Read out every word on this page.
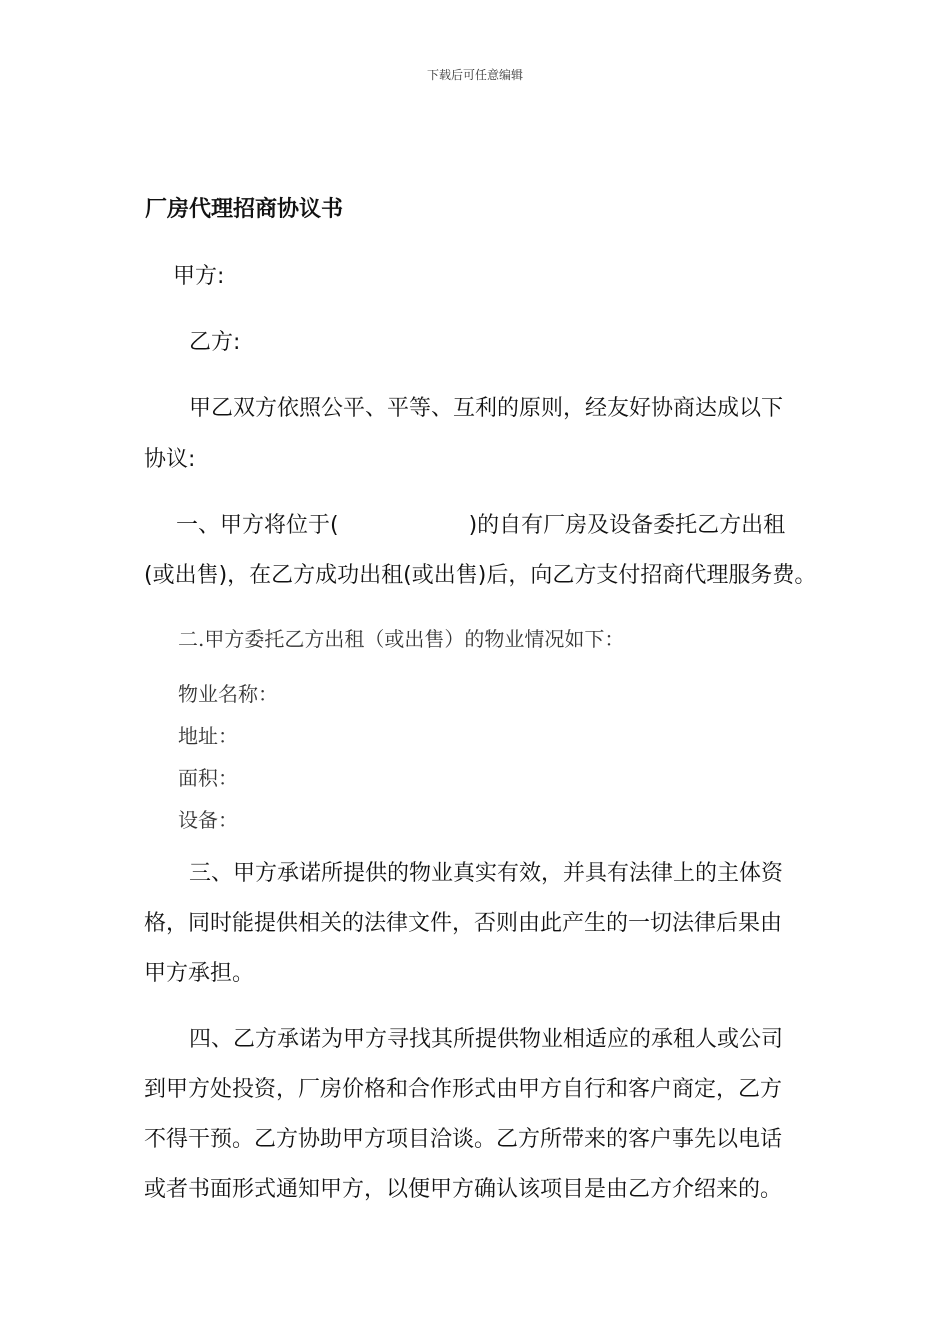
下载后可任意编辑
厂房代理招商协议书
甲方:
乙方:
甲乙双方依照公平、平等、互利的原则，经友好协商达成以下
协议:
一、甲方将位于(	)的自有厂房及设备委托乙方出租
(或出售)，在乙方成功出租(或出售)后，向乙方支付招商代理服务费。
二.甲方委托乙方出租（或出售）的物业情况如下：
物业名称：
地址：
面积：
设备：
三、甲方承诺所提供的物业真实有效，并具有法律上的主体资
格，同时能提供相关的法律文件，否则由此产生的一切法律后果由
甲方承担。
四、乙方承诺为甲方寻找其所提供物业相适应的承租人或公司
到甲方处投资，厂房价格和合作形式由甲方自行和客户商定，乙方
不得干预。乙方协助甲方项目洽谈。乙方所带来的客户事先以电话
或者书面形式通知甲方，以便甲方确认该项目是由乙方介绍来的。
